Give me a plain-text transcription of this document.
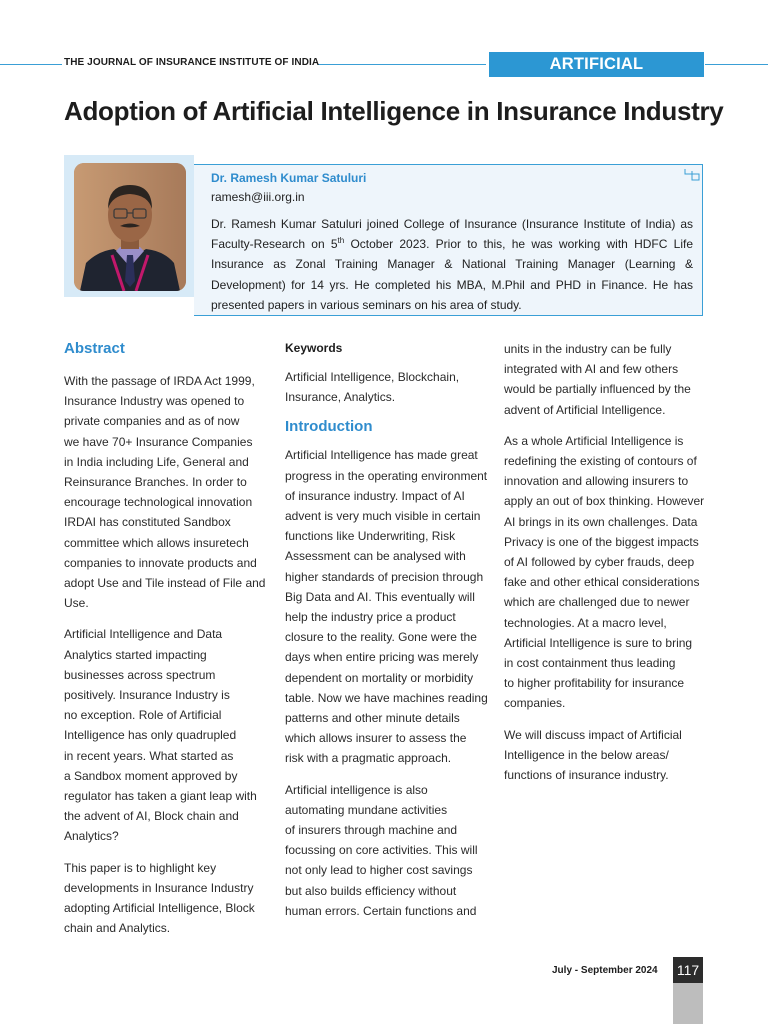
THE JOURNAL OF INSURANCE INSTITUTE OF INDIA	ARTIFICIAL INTELLIGENCE
Adoption of Artificial Intelligence in Insurance Industry
Dr. Ramesh Kumar Satuluri
ramesh@iii.org.in

Dr. Ramesh Kumar Satuluri joined College of Insurance (Insurance Institute of India) as Faculty-Research on 5th October 2023. Prior to this, he was working with HDFC Life Insurance as Zonal Training Manager & National Training Manager (Learning & Development) for 14 yrs. He completed his MBA, M.Phil and PHD in Finance. He has presented papers in various seminars on his area of study.

Abstract
With the passage of IRDA Act 1999,
Insurance Industry was opened to
private companies and as of now
we have 70+ Insurance Companies
in India including Life, General and
Reinsurance Branches. In order to
encourage technological innovation
IRDAI has constituted Sandbox
committee which allows insuretech
companies to innovate products and
adopt Use and Tile instead of File and
Use.
Artificial Intelligence and Data
Analytics started impacting
businesses across spectrum
positively. Insurance Industry is
no exception. Role of Artificial
Intelligence has only quadrupled
in recent years. What started as
a Sandbox moment approved by
regulator has taken a giant leap with
the advent of AI, Block chain and
Analytics?
This paper is to highlight key
developments in Insurance Industry
adopting Artificial Intelligence, Block
chain and Analytics.
Keywords
Artificial Intelligence, Blockchain,
Insurance, Analytics.
Introduction
Artificial Intelligence has made great
progress in the operating environment
of insurance industry. Impact of AI
advent is very much visible in certain
functions like Underwriting, Risk
Assessment can be analysed with
higher standards of precision through
Big Data and AI. This eventually will
help the industry price a product
closure to the reality. Gone were the
days when entire pricing was merely
dependent on mortality or morbidity
table. Now we have machines reading
patterns and other minute details
which allows insurer to assess the
risk with a pragmatic approach.
Artificial intelligence is also
automating mundane activities
of insurers through machine and
focussing on core activities. This will
not only lead to higher cost savings
but also builds efficiency without
human errors. Certain functions and
units in the industry can be fully
integrated with AI and few others
would be partially influenced by the
advent of Artificial Intelligence.
As a whole Artificial Intelligence is
redefining the existing of contours of
innovation and allowing insurers to
apply an out of box thinking. However
AI brings in its own challenges. Data
Privacy is one of the biggest impacts
of AI followed by cyber frauds, deep
fake and other ethical considerations
which are challenged due to newer
technologies. At a macro level,
Artificial Intelligence is sure to bring
in cost containment thus leading
to higher profitability for insurance
companies.
We will discuss impact of Artificial
Intelligence in the below areas/
functions of insurance industry.
July - September 2024 117
